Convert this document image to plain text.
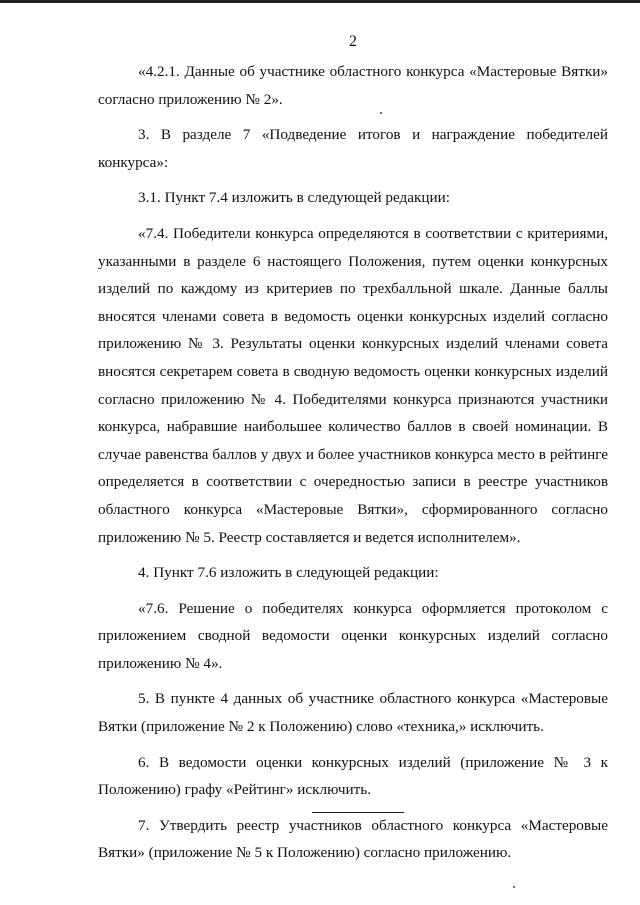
2

«4.2.1. Данные об участнике областного конкурса «Мастеровые Вятки» согласно приложению № 2».

3. В разделе 7 «Подведение итогов и награждение победителей конкурса»:

3.1. Пункт 7.4 изложить в следующей редакции:

«7.4. Победители конкурса определяются в соответствии с критериями, указанными в разделе 6 настоящего Положения, путем оценки конкурсных изделий по каждому из критериев по трехбалльной шкале. Данные баллы вносятся членами совета в ведомость оценки конкурсных изделий согласно приложению № 3. Результаты оценки конкурсных изделий членами совета вносятся секретарем совета в сводную ведомость оценки конкурсных изделий согласно приложению № 4. Победителями конкурса признаются участники конкурса, набравшие наибольшее количество баллов в своей номинации. В случае равенства баллов у двух и более участников конкурса место в рейтинге определяется в соответствии с очередностью записи в реестре участников областного конкурса «Мастеровые Вятки», сформированного согласно приложению № 5. Реестр составляется и ведется исполнителем».

4. Пункт 7.6 изложить в следующей редакции:

«7.6. Решение о победителях конкурса оформляется протоколом с приложением сводной ведомости оценки конкурсных изделий согласно приложению № 4».

5. В пункте 4 данных об участнике областного конкурса «Мастеровые Вятки (приложение № 2 к Положению) слово «техника,» исключить.

6. В ведомости оценки конкурсных изделий (приложение № 3 к Положению) графу «Рейтинг» исключить.

7. Утвердить реестр участников областного конкурса «Мастеровые Вятки» (приложение № 5 к Положению) согласно приложению.
